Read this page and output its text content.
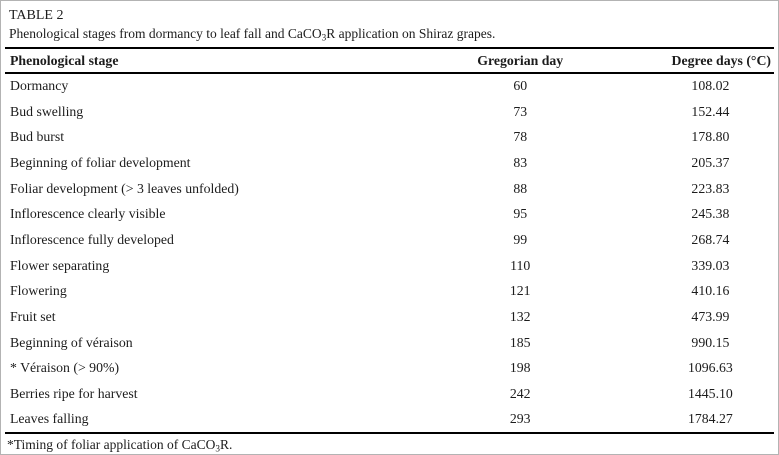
TABLE 2
Phenological stages from dormancy to leaf fall and CaCO$_3$R application on Shiraz grapes.
Phenological stage	Gregorian day	Degree days (°C)
Dormancy	60	108.02
Bud swelling	73	152.44
Bud burst	78	178.80
Beginning of foliar development	83	205.37
Foliar development (> 3 leaves unfolded)	88	223.83
Inflorescence clearly visible	95	245.38
Inflorescence fully developed	99	268.74
Flower separating	110	339.03
Flowering	121	410.16
Fruit set	132	473.99
Beginning of véraison	185	990.15
* Véraison (> 90%)	198	1096.63
Berries ripe for harvest	242	1445.10
Leaves falling	293	1784.27
*Timing of foliar application of CaCO$_3$R.
